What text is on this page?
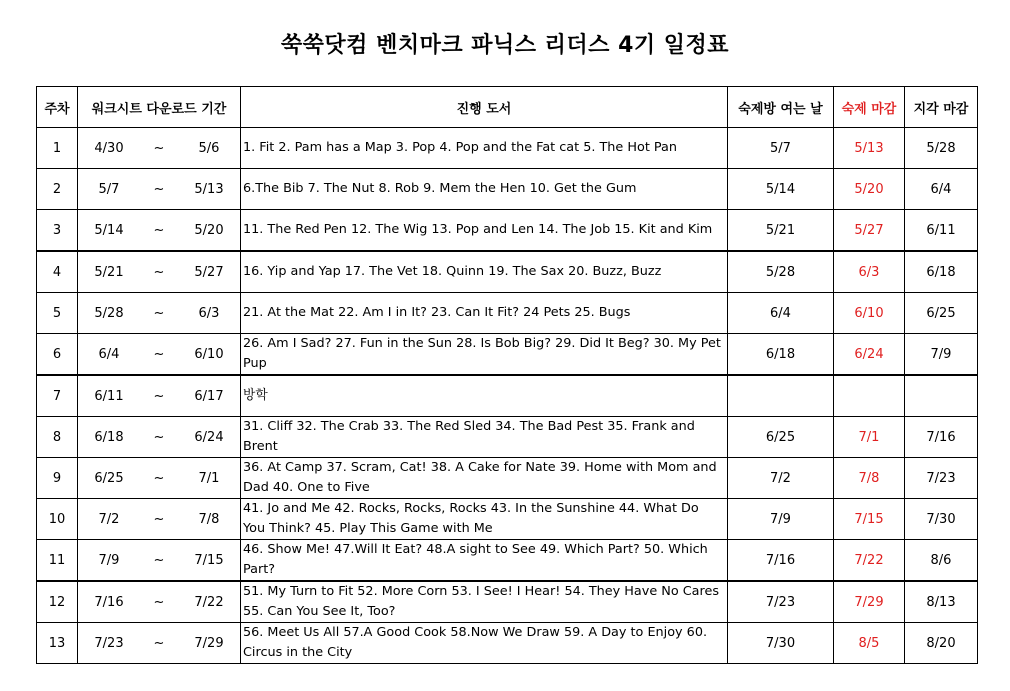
쑥쑥닷컴 벤치마크 파닉스 리더스 4기 일정표
주차	워크시트 다운로드 기간	진행 도서	숙제방 여는 날	숙제 마감	지각 마감
1	4/30 ~ 5/6	1. Fit 2. Pam has a Map 3. Pop 4. Pop and the Fat cat 5. The Hot Pan	5/7	5/13	5/28
2	5/7 ~ 5/13	6.The Bib 7. The Nut 8. Rob 9. Mem the Hen 10. Get the Gum	5/14	5/20	6/4
3	5/14 ~ 5/20	11. The Red Pen 12. The Wig 13. Pop and Len 14. The Job 15. Kit and Kim	5/21	5/27	6/11
4	5/21 ~ 5/27	16. Yip and Yap 17. The Vet 18. Quinn 19. The Sax 20. Buzz, Buzz	5/28	6/3	6/18
5	5/28 ~ 6/3	21. At the Mat 22. Am I in It? 23. Can It Fit? 24 Pets 25. Bugs	6/4	6/10	6/25
6	6/4 ~ 6/10	26. Am I Sad? 27. Fun in the Sun 28. Is Bob Big? 29. Did It Beg? 30. My Pet Pup	6/18	6/24	7/9
7	6/11 ~ 6/17	방학			
8	6/18 ~ 6/24	31. Cliff 32. The Crab 33. The Red Sled 34. The Bad Pest 35. Frank and Brent	6/25	7/1	7/16
9	6/25 ~ 7/1	36. At Camp 37. Scram, Cat! 38. A Cake for Nate 39. Home with Mom and Dad 40. One to Five	7/2	7/8	7/23
10	7/2 ~ 7/8	41. Jo and Me 42. Rocks, Rocks, Rocks 43. In the Sunshine 44. What Do You Think? 45. Play This Game with Me	7/9	7/15	7/30
11	7/9 ~ 7/15	46. Show Me! 47.Will It Eat? 48.A sight to See 49. Which Part? 50. Which Part?	7/16	7/22	8/6
12	7/16 ~ 7/22	51. My Turn to Fit 52. More Corn 53. I See! I Hear! 54. They Have No Cares 55. Can You See It, Too?	7/23	7/29	8/13
13	7/23 ~ 7/29	56. Meet Us All 57.A Good Cook 58.Now We Draw 59. A Day to Enjoy 60. Circus in the City	7/30	8/5	8/20
